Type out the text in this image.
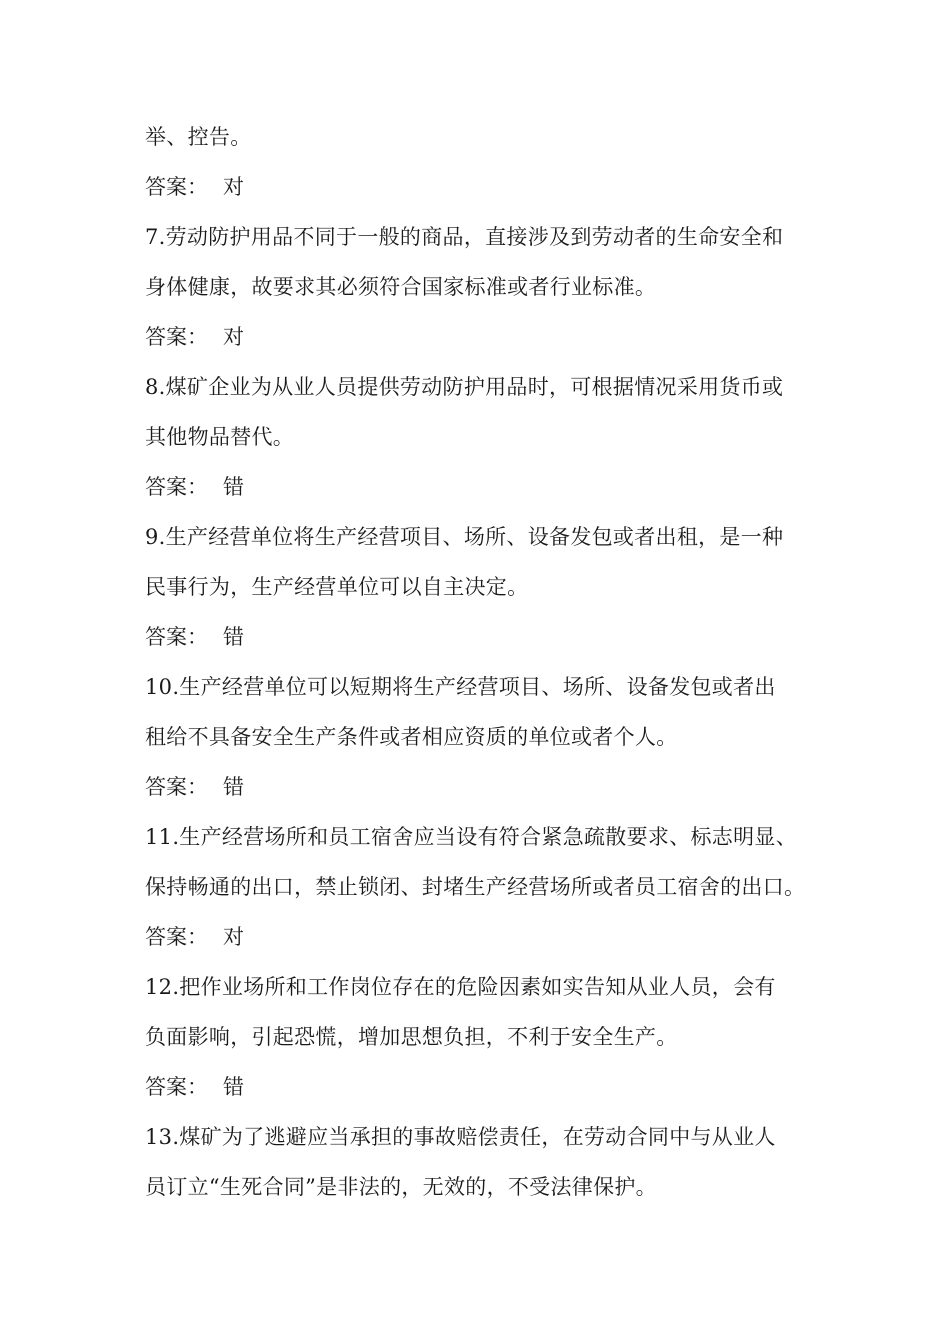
举、控告。
答案： 对
7.劳动防护用品不同于一般的商品，直接涉及到劳动者的生命安全和
身体健康，故要求其必须符合国家标准或者行业标准。
答案： 对
8.煤矿企业为从业人员提供劳动防护用品时，可根据情况采用货币或
其他物品替代。
答案： 错
9.生产经营单位将生产经营项目、场所、设备发包或者出租，是一种
民事行为，生产经营单位可以自主决定。
答案： 错
10.生产经营单位可以短期将生产经营项目、场所、设备发包或者出
租给不具备安全生产条件或者相应资质的单位或者个人。
答案： 错
11.生产经营场所和员工宿舍应当设有符合紧急疏散要求、标志明显、
保持畅通的出口，禁止锁闭、封堵生产经营场所或者员工宿舍的出口。
答案： 对
12.把作业场所和工作岗位存在的危险因素如实告知从业人员，会有
负面影响，引起恐慌，增加思想负担，不利于安全生产。
答案： 错
13.煤矿为了逃避应当承担的事故赔偿责任，在劳动合同中与从业人
员订立“生死合同”是非法的，无效的，不受法律保护。
